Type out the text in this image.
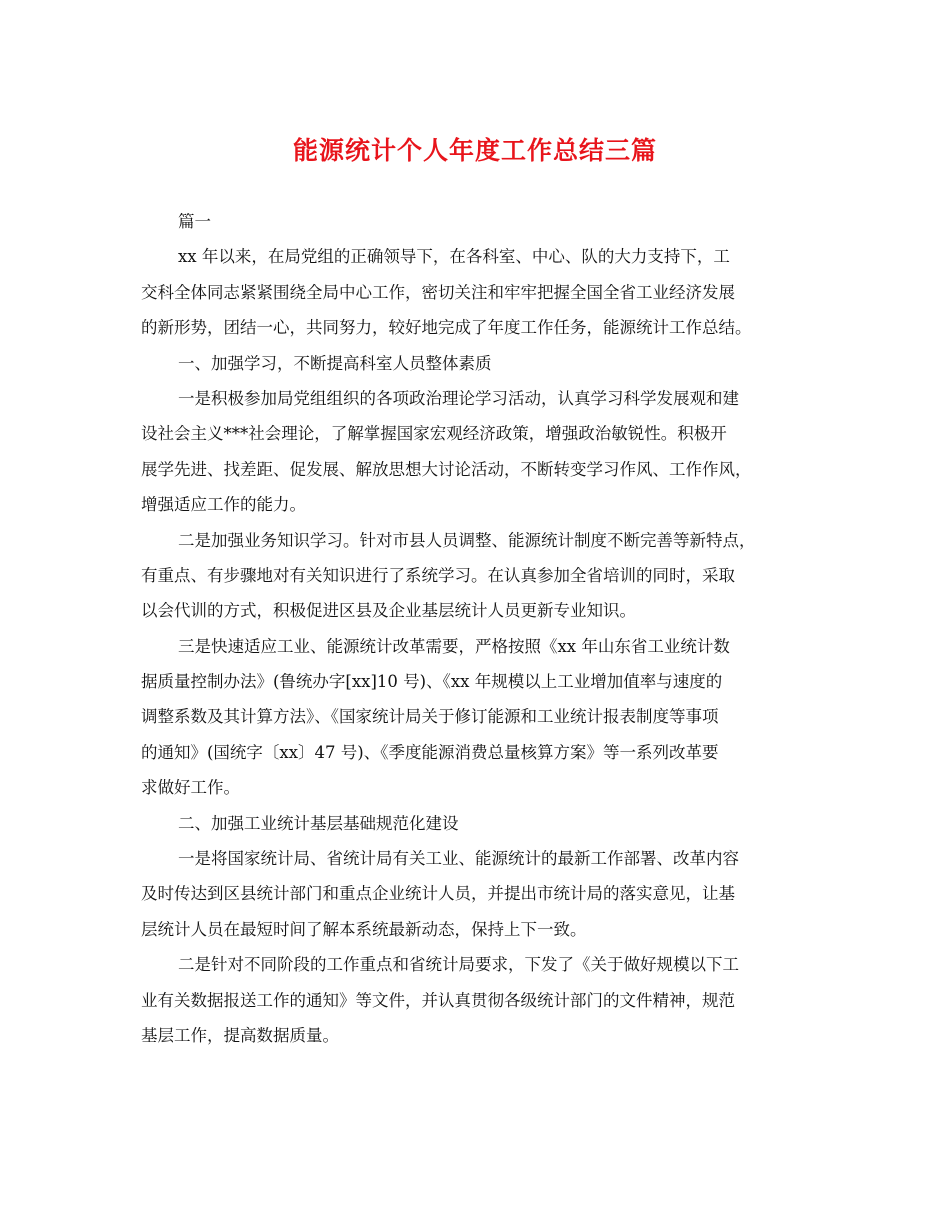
能源统计个人年度工作总结三篇
篇一
xx 年以来，在局党组的正确领导下，在各科室、中心、队的大力支持下，工
交科全体同志紧紧围绕全局中心工作，密切关注和牢牢把握全国全省工业经济发展
的新形势，团结一心，共同努力，较好地完成了年度工作任务，能源统计工作总结。
一、加强学习，不断提高科室人员整体素质
一是积极参加局党组组织的各项政治理论学习活动，认真学习科学发展观和建
设社会主义***社会理论，了解掌握国家宏观经济政策，增强政治敏锐性。积极开
展学先进、找差距、促发展、解放思想大讨论活动，不断转变学习作风、工作作风，
增强适应工作的能力。
二是加强业务知识学习。针对市县人员调整、能源统计制度不断完善等新特点，
有重点、有步骤地对有关知识进行了系统学习。在认真参加全省培训的同时，采取
以会代训的方式，积极促进区县及企业基层统计人员更新专业知识。
三是快速适应工业、能源统计改革需要，严格按照《xx 年山东省工业统计数
据质量控制办法》(鲁统办字[xx]10 号)、《xx 年规模以上工业增加值率与速度的
调整系数及其计算方法》、《国家统计局关于修订能源和工业统计报表制度等事项
的通知》(国统字〔xx〕47 号)、《季度能源消费总量核算方案》等一系列改革要
求做好工作。
二、加强工业统计基层基础规范化建设
一是将国家统计局、省统计局有关工业、能源统计的最新工作部署、改革内容
及时传达到区县统计部门和重点企业统计人员，并提出市统计局的落实意见，让基
层统计人员在最短时间了解本系统最新动态，保持上下一致。
二是针对不同阶段的工作重点和省统计局要求，下发了《关于做好规模以下工
业有关数据报送工作的通知》等文件，并认真贯彻各级统计部门的文件精神，规范
基层工作，提高数据质量。
